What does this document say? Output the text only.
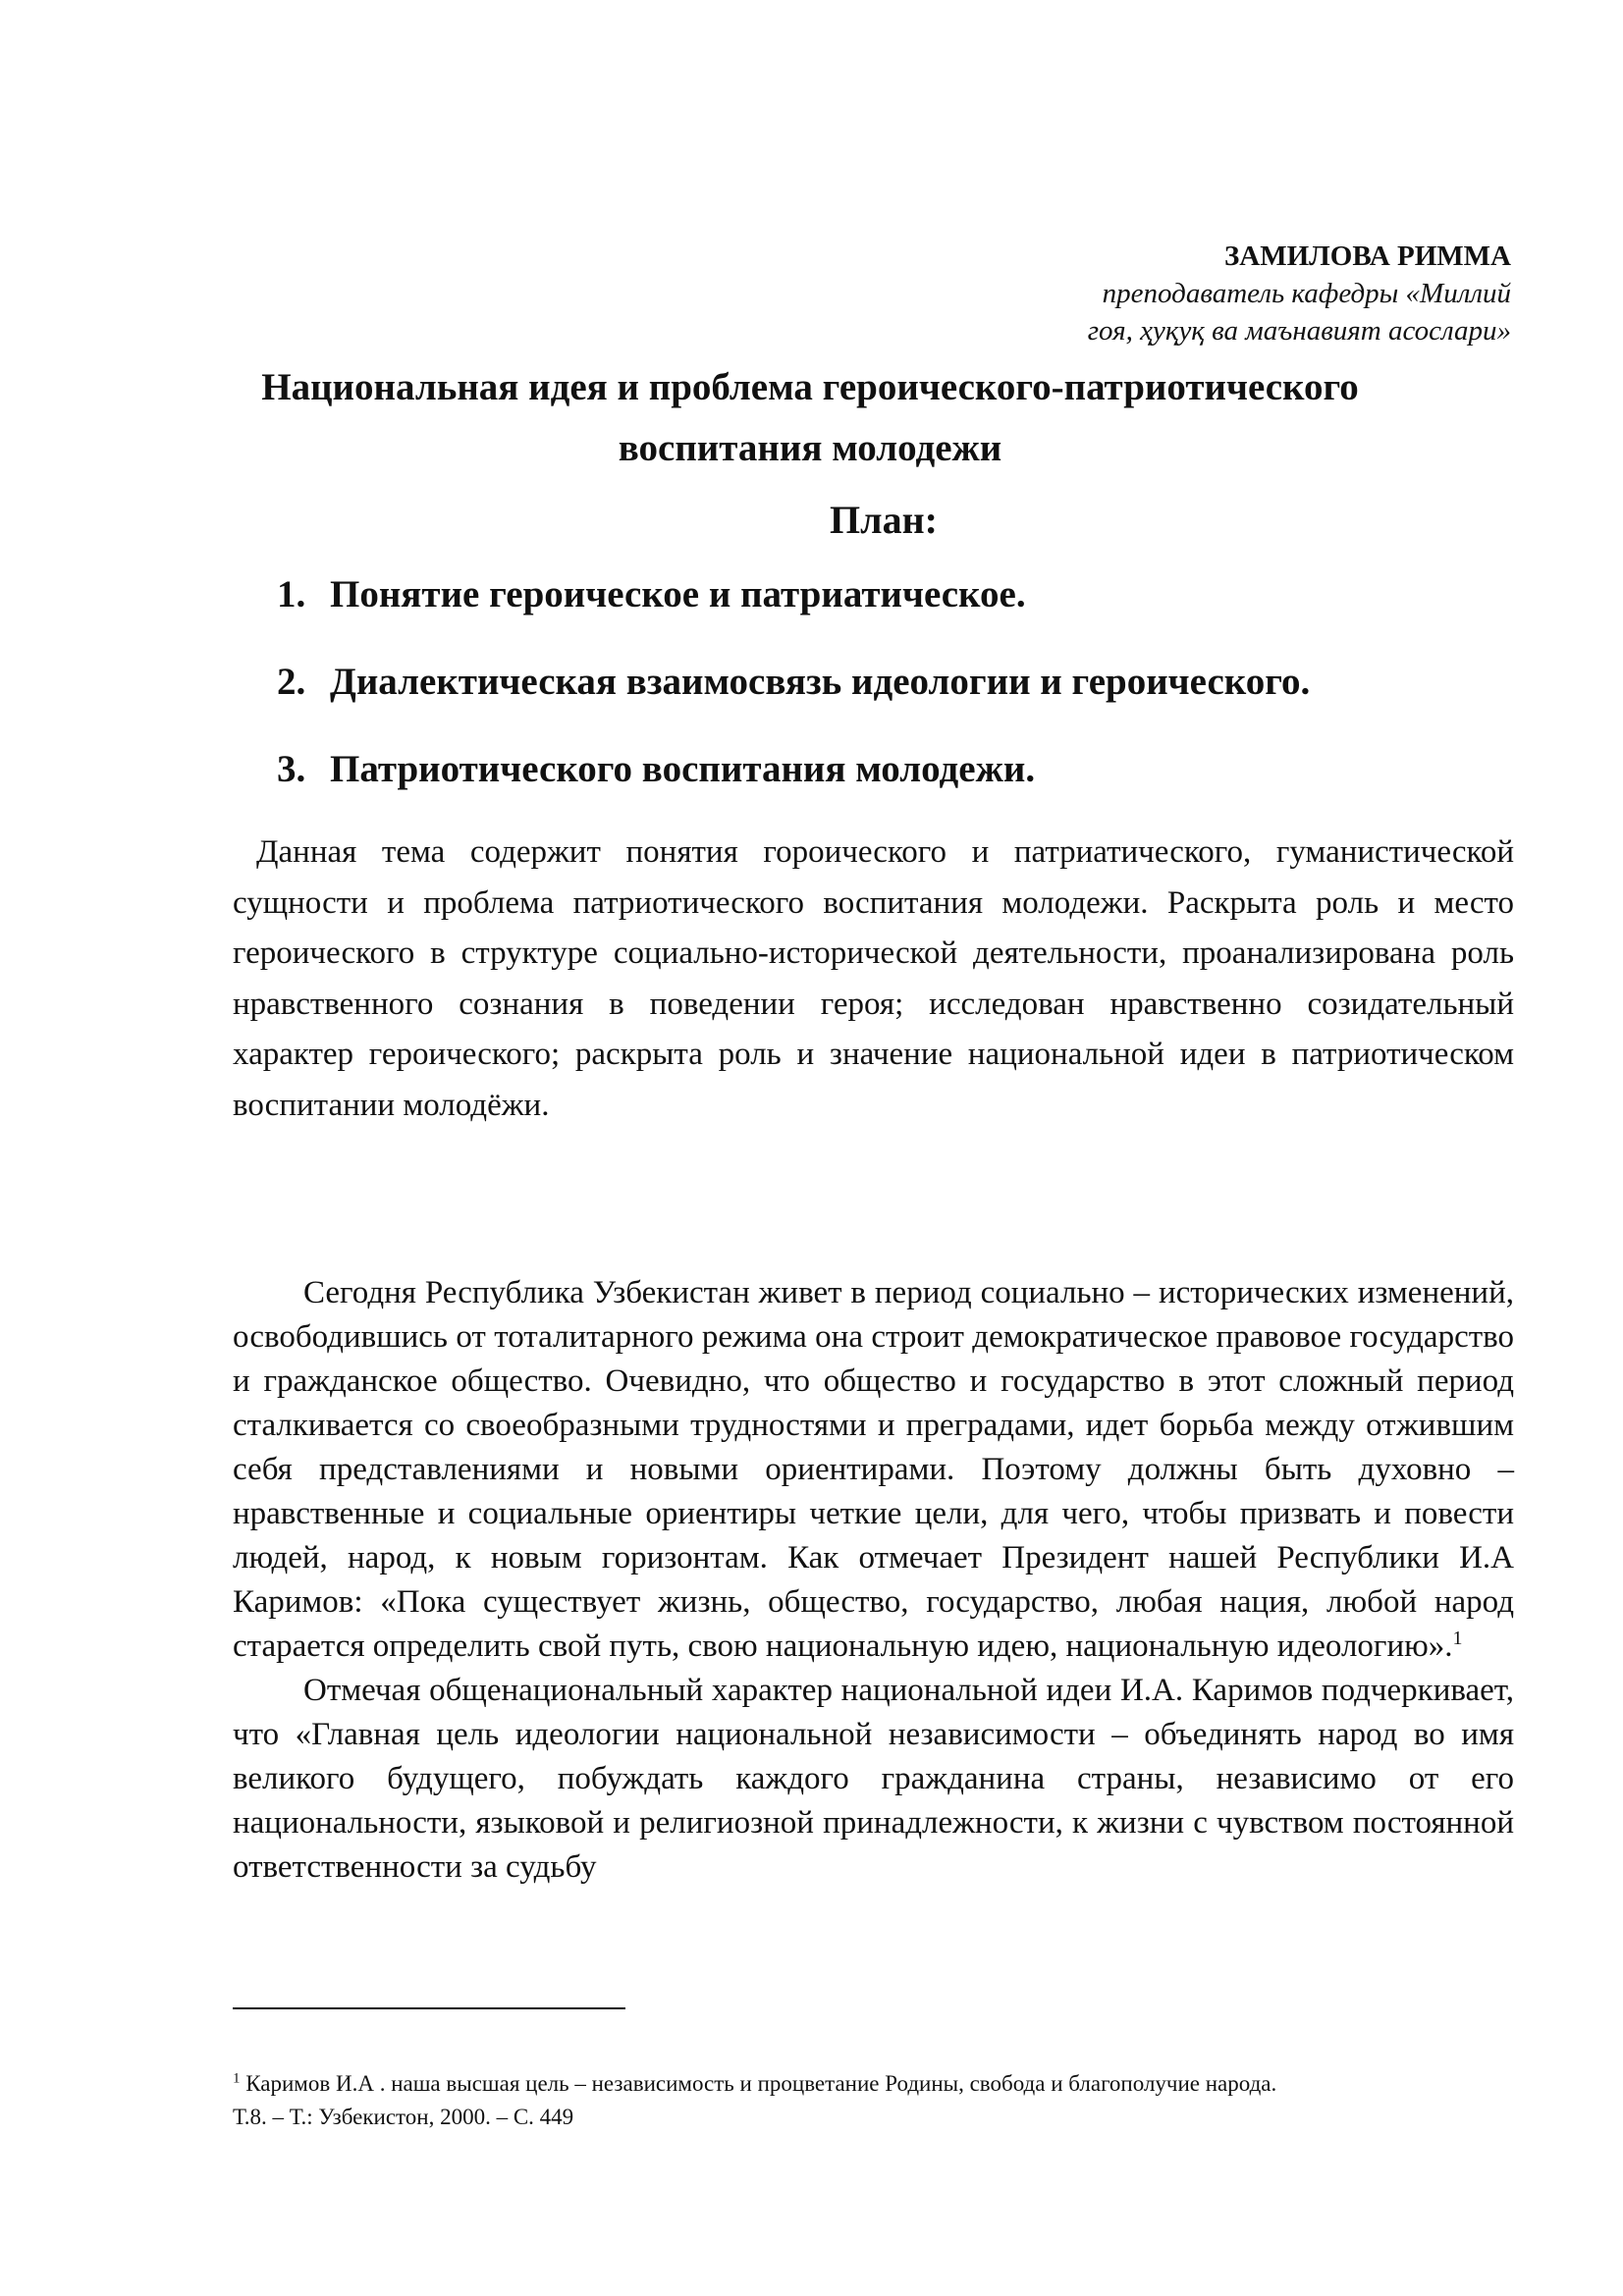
ЗАМИЛОВА РИММА
преподаватель кафедры «Миллий
гоя, ҳуқуқ ва маънавият асослари»
Национальная идея и проблема героического-патриотического
воспитания молодежи
План:
1. Понятие героическое и патриатическое.
2. Диалектическая взаимосвязь идеологии и героического.
3. Патриотического воспитания молодежи.

Данная тема содержит понятия гороического и патриатического, гуманистической сущности и проблема патриотического воспитания молодежи. Раскрыта роль и место героического в структуре социально-исторической деятельности, проанализирована роль нравственного сознания в поведении героя; исследован нравственно созидательный характер героического; раскрыта роль и значение национальной идеи в патриотическом воспитании молодёжи.

Сегодня Республика Узбекистан живет в период социально – исторических изменений, освободившись от тоталитарного режима она строит демократическое правовое государство и гражданское общество. Очевидно, что общество и государство в этот сложный период сталкивается со своеобразными трудностями и преградами, идет борьба между отжившим себя представлениями и новыми ориентирами. Поэтому должны быть духовно – нравственные и социальные ориентиры четкие цели, для чего, чтобы призвать и повести людей, народ, к новым горизонтам. Как отмечает Президент нашей Республики И.А Каримов: «Пока существует жизнь, общество, государство, любая нация, любой народ старается определить свой путь, свою национальную идею, национальную идеологию».$^1$

Отмечая общенациональный характер национальной идеи И.А. Каримов подчеркивает, что «Главная цель идеологии национальной независимости – объединять народ во имя великого будущего, побуждать каждого гражданина страны, независимо от его национальности, языковой и религиозной принадлежности, к жизни с чувством постоянной ответственности за судьбу

$^1$ Каримов И.А . наша высшая цель – независимость и процветание Родины, свобода и благополучие народа.
Т.8. – Т.: Узбекистон, 2000. – С. 449
